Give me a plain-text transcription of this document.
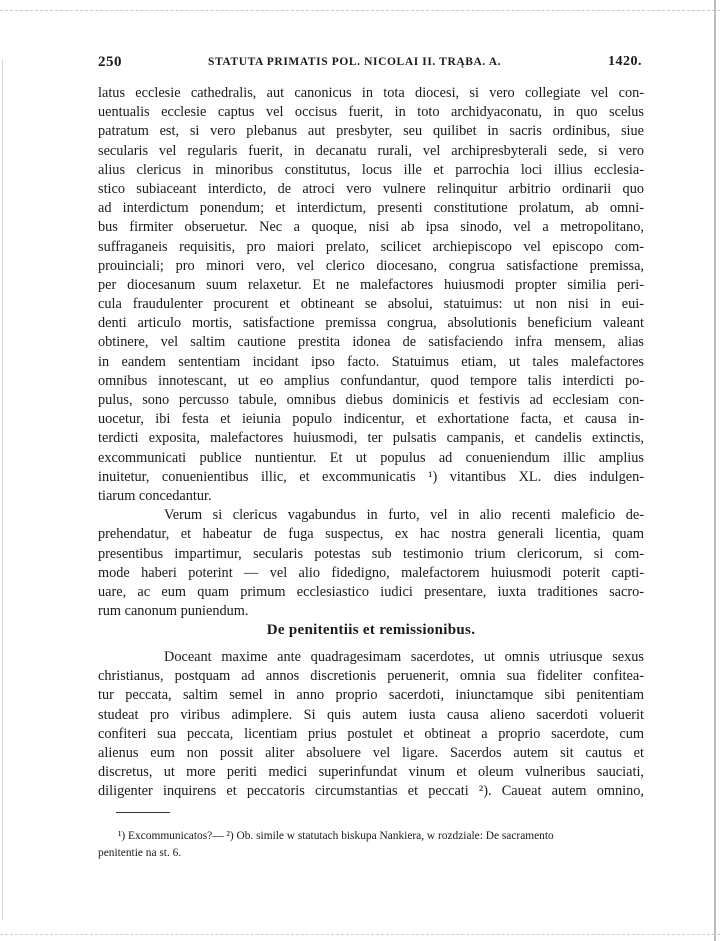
250	STATUTA PRIMATIS POL. NICOLAI II. TRĄBA. A.	1420.
latus ecclesie cathedralis, aut canonicus in tota diocesi, si vero collegiate vel con-
uentualis ecclesie captus vel occisus fuerit, in toto archidyaconatu, in quo scelus
patratum est, si vero plebanus aut presbyter, seu quilibet in sacris ordinibus, siue
secularis vel regularis fuerit, in decanatu rurali, vel archipresbyterali sede, si vero
alius clericus in minoribus constitutus, locus ille et parrochia loci illius ecclesia-
stico subiaceant interdicto, de atroci vero vulnere relinquitur arbitrio ordinarii quo
ad interdictum ponendum; et interdictum, presenti constitutione prolatum, ab omni-
bus firmiter obseruetur. Nec a quoque, nisi ab ipsa sinodo, vel a metropolitano,
suffraganeis requisitis, pro maiori prelato, scilicet archiepiscopo vel episcopo com-
prouinciali; pro minori vero, vel clerico diocesano, congrua satisfactione premissa,
per diocesanum suum relaxetur. Et ne malefactores huiusmodi propter similia peri-
cula fraudulenter procurent et obtineant se absolui, statuimus: ut non nisi in eui-
denti articulo mortis, satisfactione premissa congrua, absolutionis beneficium valeant
obtinere, vel saltim cautione prestita idonea de satisfaciendo infra mensem, alias
in eandem sententiam incidant ipso facto. Statuimus etiam, ut tales malefactores
omnibus innotescant, ut eo amplius confundantur, quod tempore talis interdicti po-
pulus, sono percusso tabule, omnibus diebus dominicis et festivis ad ecclesiam con-
uocetur, ibi festa et ieiunia populo indicentur, et exhortatione facta, et causa in-
terdicti exposita, malefactores huiusmodi, ter pulsatis campanis, et candelis extinctis,
excommunicati publice nuntientur. Et ut populus ad conueniendum illic amplius
inuitetur, conuenientibus illic, et excommunicatis ¹) vitantibus XL. dies indulgen-
tiarum concedantur.
Verum si clericus vagabundus in furto, vel in alio recenti maleficio de-
prehendatur, et habeatur de fuga suspectus, ex hac nostra generali licentia, quam
presentibus impartimur, secularis potestas sub testimonio trium clericorum, si com-
mode haberi poterint — vel alio fidedigno, malefactorem huiusmodi poterit capti-
uare, ac eum quam primum ecclesiastico iudici presentare, iuxta traditiones sacro-
rum canonum puniendum.
De penitentiis et remissionibus.
Doceant maxime ante quadragesimam sacerdotes, ut omnis utriusque sexus
christianus, postquam ad annos discretionis peruenerit, omnia sua fideliter confitea-
tur peccata, saltim semel in anno proprio sacerdoti, iniunctamque sibi penitentiam
studeat pro viribus adimplere. Si quis autem iusta causa alieno sacerdoti voluerit
confiteri sua peccata, licentiam prius postulet et obtineat a proprio sacerdote, cum
alienus eum non possit aliter absoluere vel ligare. Sacerdos autem sit cautus et
discretus, ut more periti medici superinfundat vinum et oleum vulneribus sauciati,
diligenter inquirens et peccatoris circumstantias et peccati ²). Caueat autem omnino,
¹) Excommunicatos?— ²) Ob. simile w statutach biskupa Nankiera, w rozdziale: De sacramento
penitentie na st. 6.
